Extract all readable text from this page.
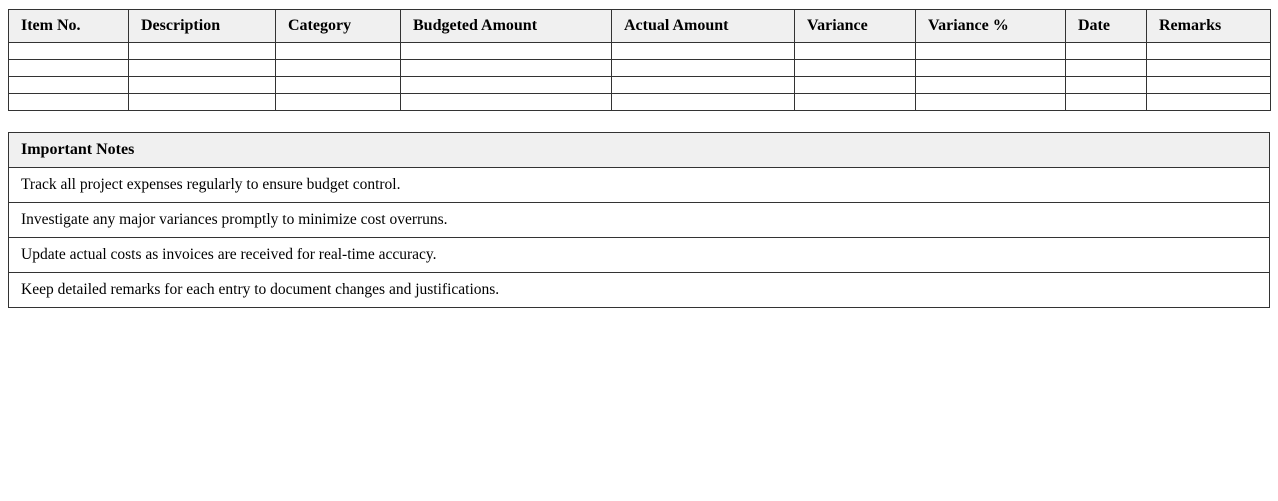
Item No.	Description	Category	Budgeted Amount	Actual Amount	Variance	Variance %	Date	Remarks

Important Notes
Track all project expenses regularly to ensure budget control.
Investigate any major variances promptly to minimize cost overruns.
Update actual costs as invoices are received for real-time accuracy.
Keep detailed remarks for each entry to document changes and justifications.
